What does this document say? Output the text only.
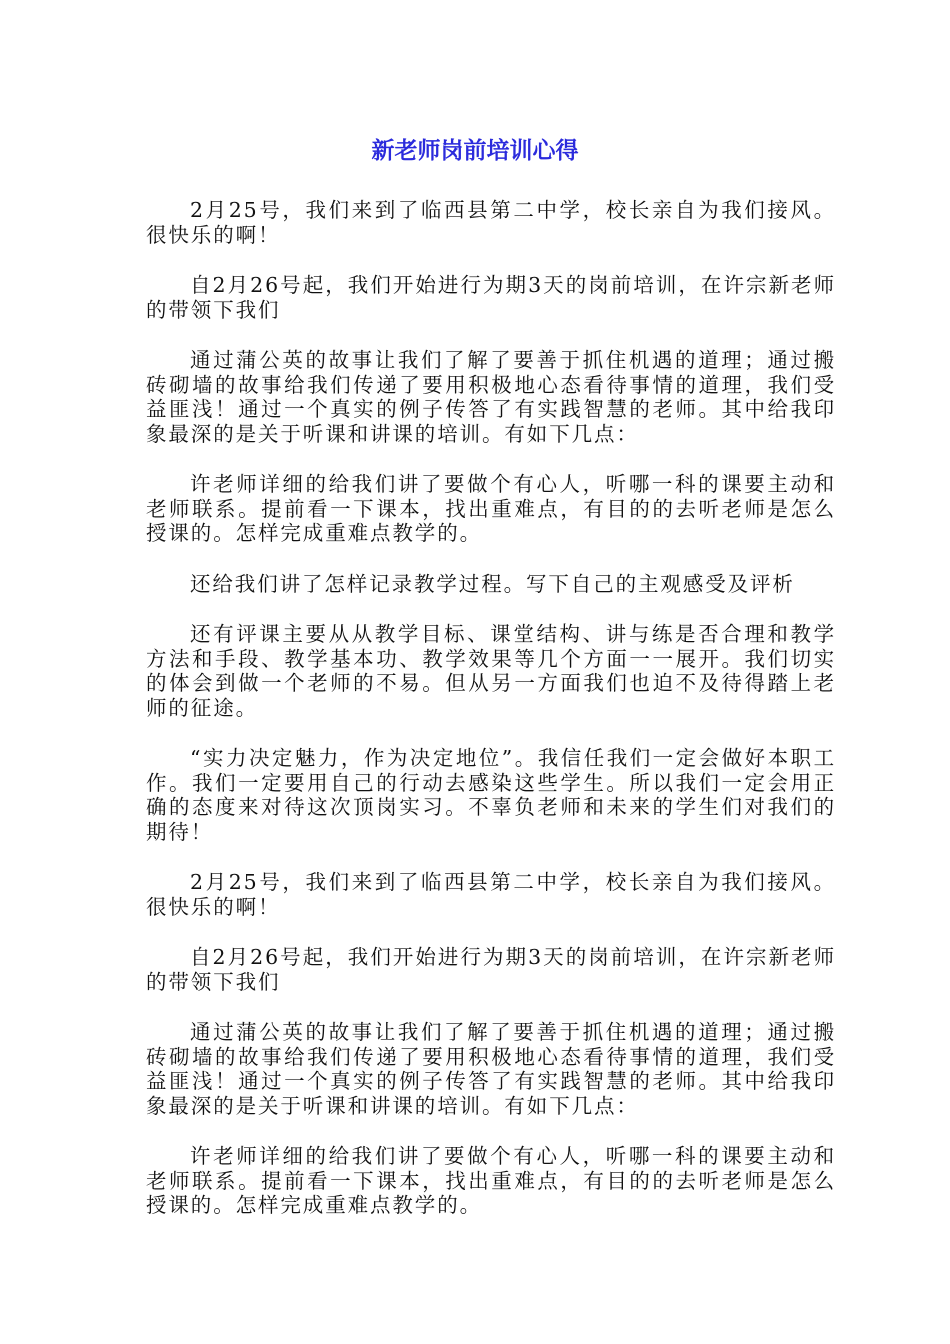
新老师岗前培训心得

2月25号，我们来到了临西县第二中学，校长亲自为我们接风。很快乐的啊！

自2月26号起，我们开始进行为期3天的岗前培训，在许宗新老师的带领下我们

通过蒲公英的故事让我们了解了要善于抓住机遇的道理；通过搬砖砌墙的故事给我们传递了要用积极地心态看待事情的道理，我们受益匪浅！通过一个真实的例子传答了有实践智慧的老师。其中给我印象最深的是关于听课和讲课的培训。有如下几点：

许老师详细的给我们讲了要做个有心人，听哪一科的课要主动和老师联系。提前看一下课本，找出重难点，有目的的去听老师是怎么授课的。怎样完成重难点教学的。

还给我们讲了怎样记录教学过程。写下自己的主观感受及评析

还有评课主要从从教学目标、课堂结构、讲与练是否合理和教学方法和手段、教学基本功、教学效果等几个方面一一展开。我们切实的体会到做一个老师的不易。但从另一方面我们也迫不及待得踏上老师的征途。

“实力决定魅力，作为决定地位”。我信任我们一定会做好本职工作。我们一定要用自己的行动去感染这些学生。所以我们一定会用正确的态度来对待这次顶岗实习。不辜负老师和未来的学生们对我们的期待！

2月25号，我们来到了临西县第二中学，校长亲自为我们接风。很快乐的啊！

自2月26号起，我们开始进行为期3天的岗前培训，在许宗新老师的带领下我们

通过蒲公英的故事让我们了解了要善于抓住机遇的道理；通过搬砖砌墙的故事给我们传递了要用积极地心态看待事情的道理，我们受益匪浅！通过一个真实的例子传答了有实践智慧的老师。其中给我印象最深的是关于听课和讲课的培训。有如下几点：

许老师详细的给我们讲了要做个有心人，听哪一科的课要主动和老师联系。提前看一下课本，找出重难点，有目的的去听老师是怎么授课的。怎样完成重难点教学的。
